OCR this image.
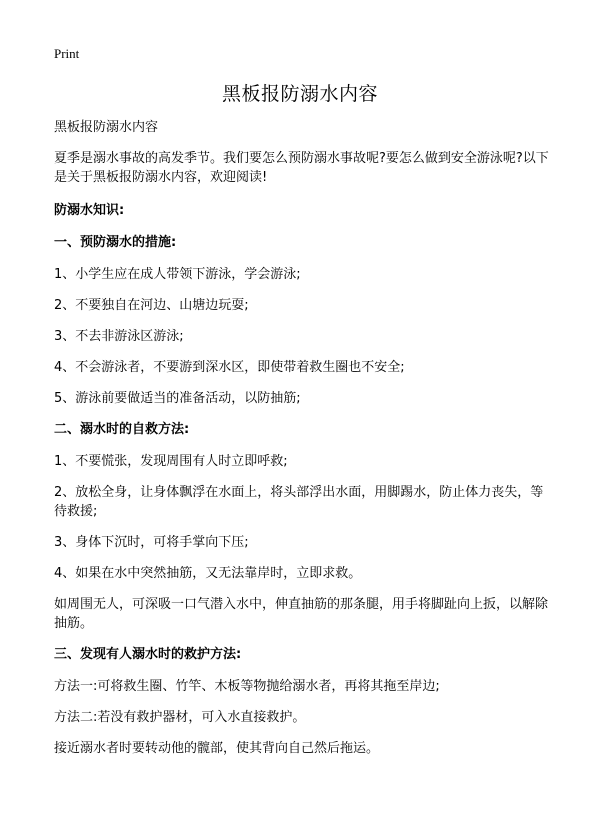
Print
黑板报防溺水内容

黑板报防溺水内容

夏季是溺水事故的高发季节。我们要怎么预防溺水事故呢?要怎么做到安全游泳呢?以下是关于黑板报防溺水内容，欢迎阅读!

防溺水知识:

一、预防溺水的措施:

1、小学生应在成人带领下游泳，学会游泳;

2、不要独自在河边、山塘边玩耍;

3、不去非游泳区游泳;

4、不会游泳者，不要游到深水区，即使带着救生圈也不安全;

5、游泳前要做适当的准备活动，以防抽筋;

二、溺水时的自救方法:

1、不要慌张，发现周围有人时立即呼救;

2、放松全身，让身体飘浮在水面上，将头部浮出水面，用脚踢水，防止体力丧失，等待救援;

3、身体下沉时，可将手掌向下压;

4、如果在水中突然抽筋，又无法靠岸时，立即求救。

如周围无人，可深吸一口气潜入水中，伸直抽筋的那条腿，用手将脚趾向上扳，以解除抽筋。

三、发现有人溺水时的救护方法:

方法一:可将救生圈、竹竿、木板等物抛给溺水者，再将其拖至岸边;

方法二:若没有救护器材，可入水直接救护。

接近溺水者时要转动他的髋部，使其背向自己然后拖运。
